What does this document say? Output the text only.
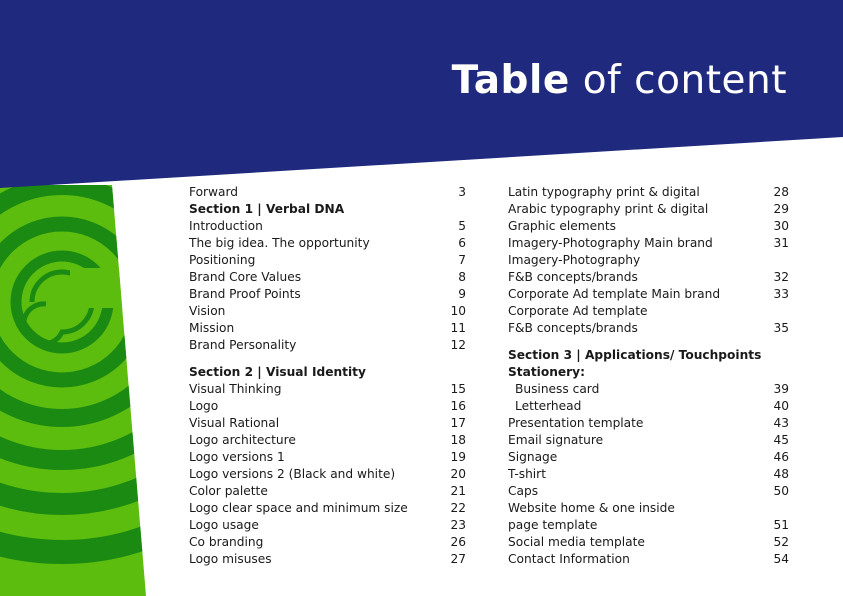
Table of content
Forward	3
Section 1 | Verbal DNA
Introduction	5
The big idea. The opportunity	6
Positioning	7
Brand Core Values	8
Brand Proof Points	9
Vision	10
Mission	11
Brand Personality	12
Section 2 | Visual Identity
Visual Thinking	15
Logo	16
Visual Rational	17
Logo architecture	18
Logo versions 1	19
Logo versions 2 (Black and white)	20
Color palette	21
Logo clear space and minimum size	22
Logo usage	23
Co branding	26
Logo misuses	27
Latin typography print & digital	28
Arabic typography print & digital	29
Graphic elements	30
Imagery-Photography Main brand	31
Imagery-Photography
F&B concepts/brands	32
Corporate Ad template Main brand	33
Corporate Ad template
F&B concepts/brands	35
Section 3 | Applications/ Touchpoints
Stationery:
Business card	39
Letterhead	40
Presentation template	43
Email signature	45
Signage	46
T-shirt	48
Caps	50
Website home & one inside
page template	51
Social media template	52
Contact Information	54
